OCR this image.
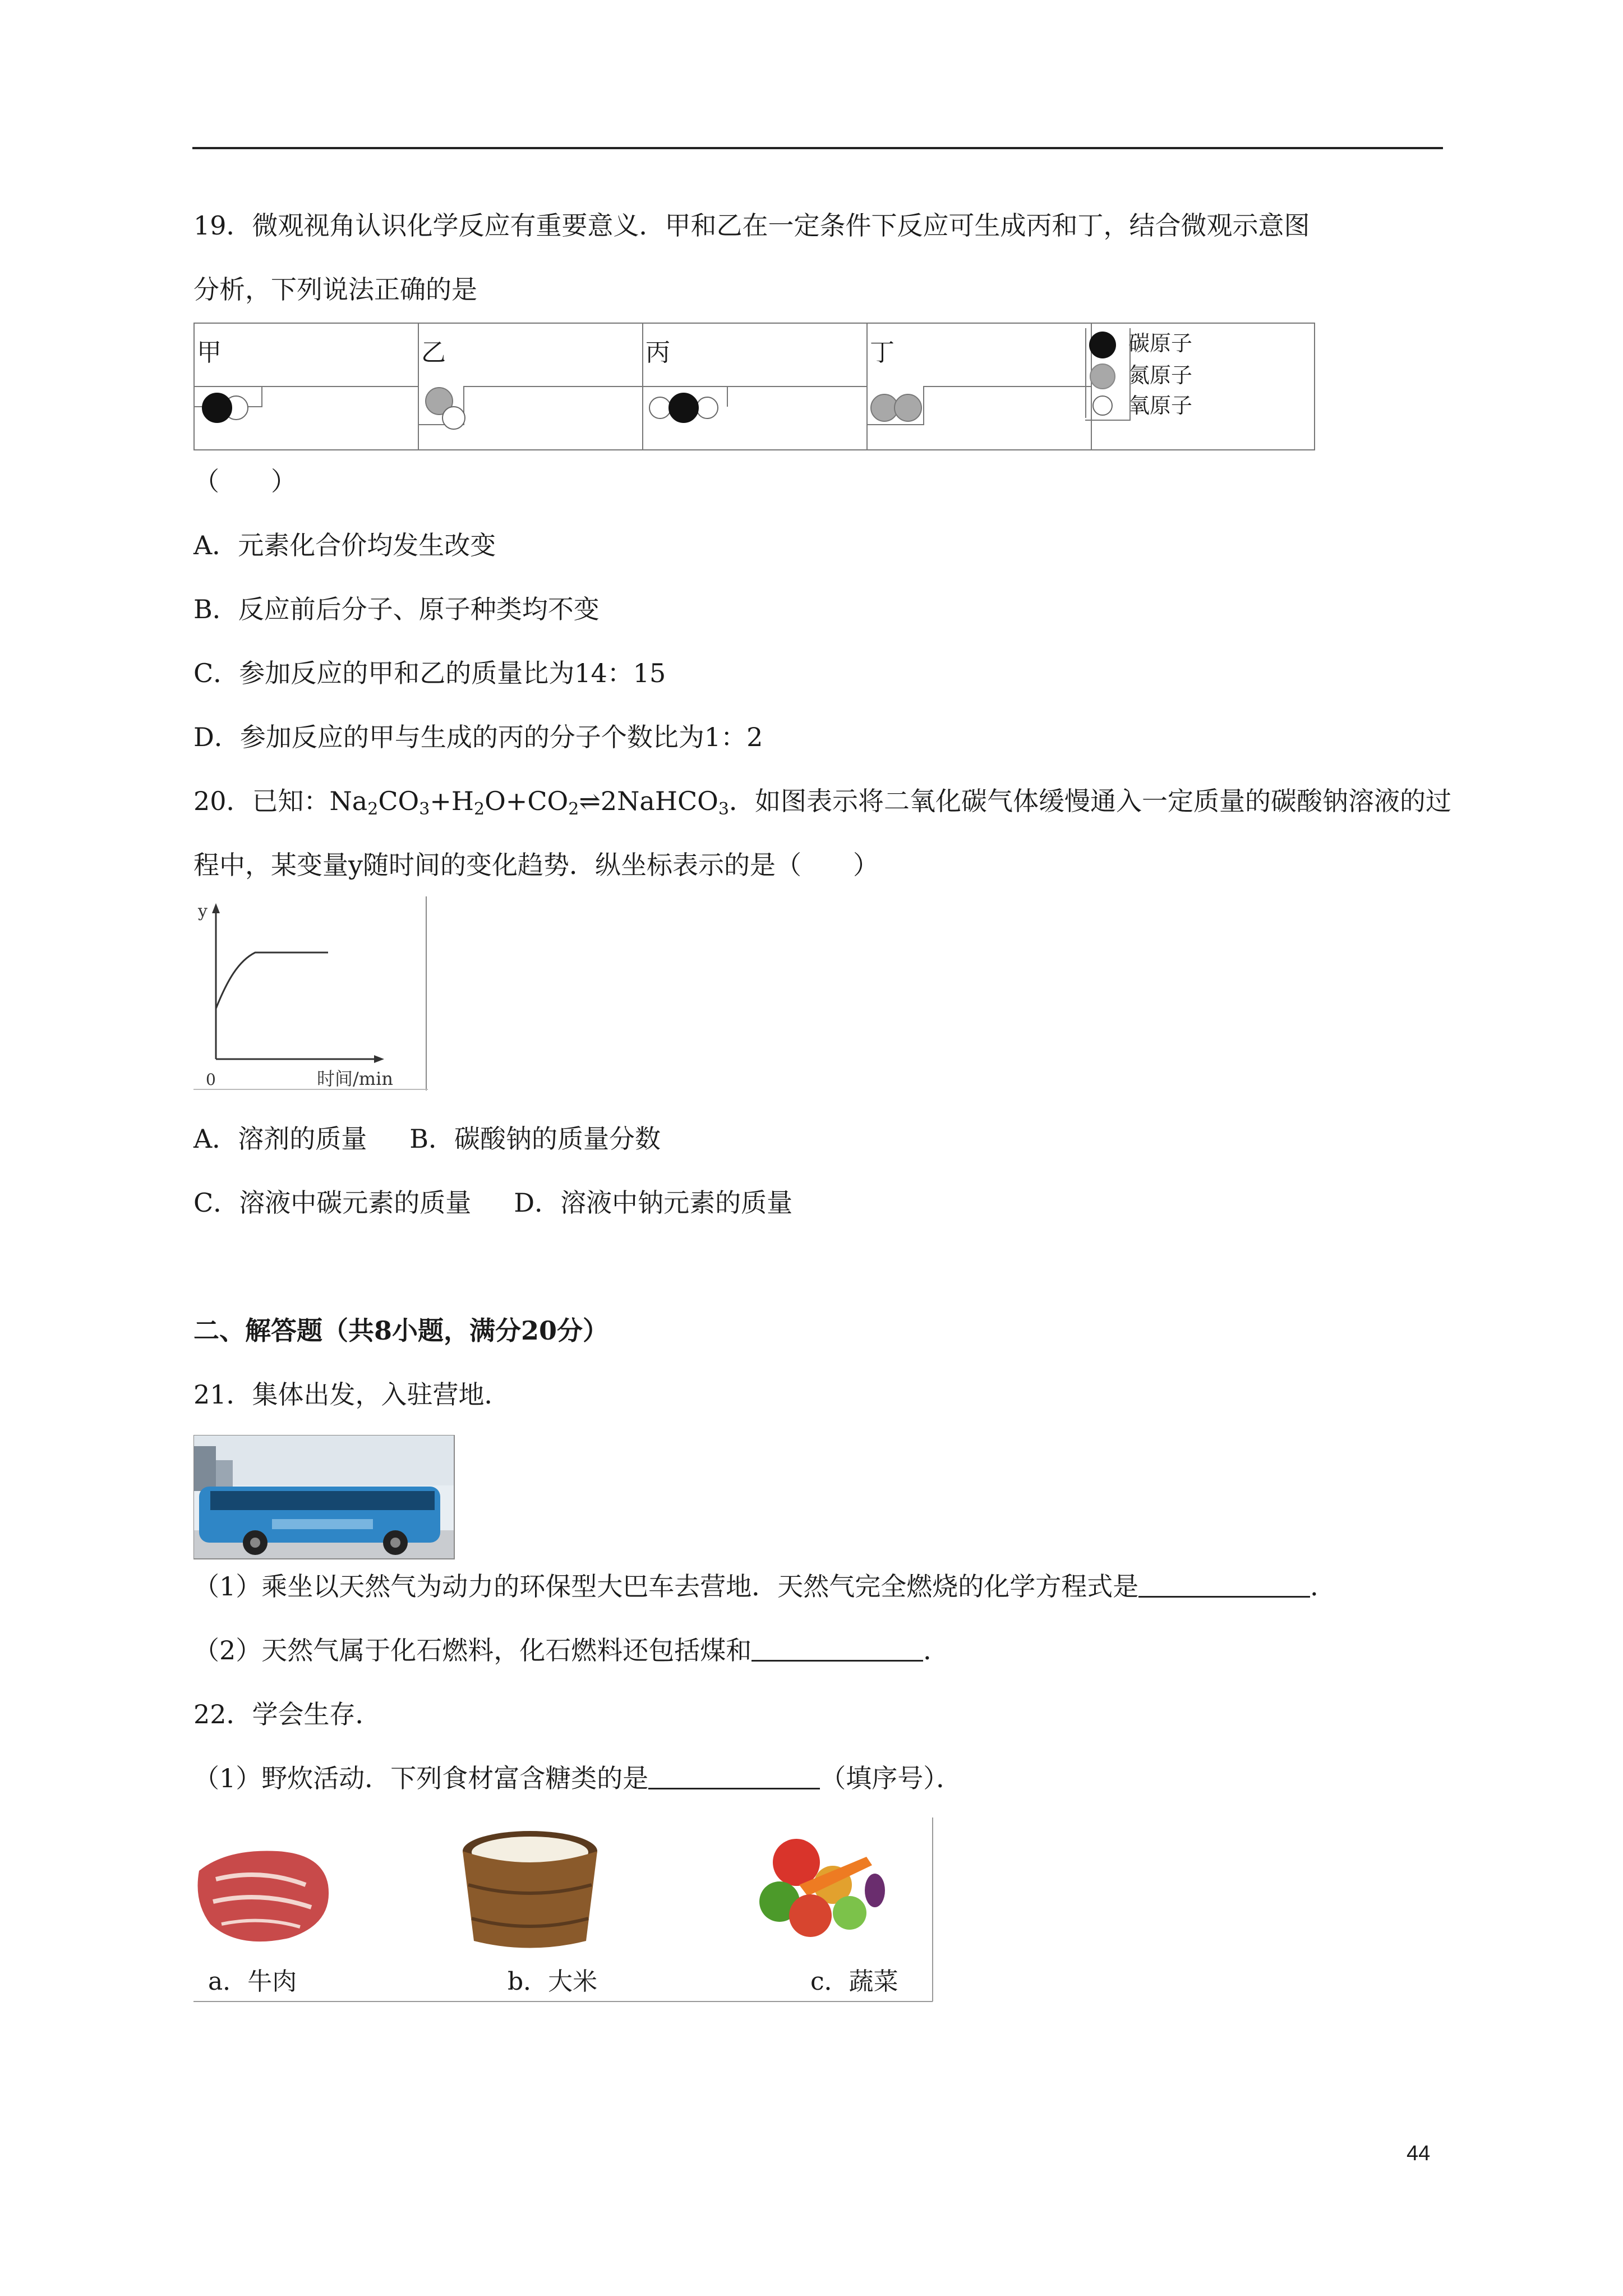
19．微观视角认识化学反应有重要意义．甲和乙在一定条件下反应可生成丙和丁，结合微观示意图
分析，下列说法正确的是
甲	乙	丙	丁	碳原子
氮原子
氧原子
（　　）
A．元素化合价均发生改变
B．反应前后分子、原子种类均不变
C．参加反应的甲和乙的质量比为14：15
D．参加反应的甲与生成的丙的分子个数比为1：2
20．已知：$Na_2CO_3+H_2O+CO_2\rightleftharpoons 2NaHCO_3$．如图表示将二氧化碳气体缓慢通入一定质量的碳酸钠溶液的过
程中，某变量y随时间的变化趋势．纵坐标表示的是（　　）
y
0	时间/min
A．溶剂的质量 B．碳酸钠的质量分数
C．溶液中碳元素的质量 D．溶液中钠元素的质量
二、解答题（共8小题，满分20分）
21．集体出发，入驻营地．
（1）乘坐以天然气为动力的环保型大巴车去营地．天然气完全燃烧的化学方程式是	．
（2）天然气属于化石燃料，化石燃料还包括煤和	．
22．学会生存．
（1）野炊活动．下列食材富含糖类的是	（填序号）．
a．牛肉	b．大米	c．蔬菜
44
